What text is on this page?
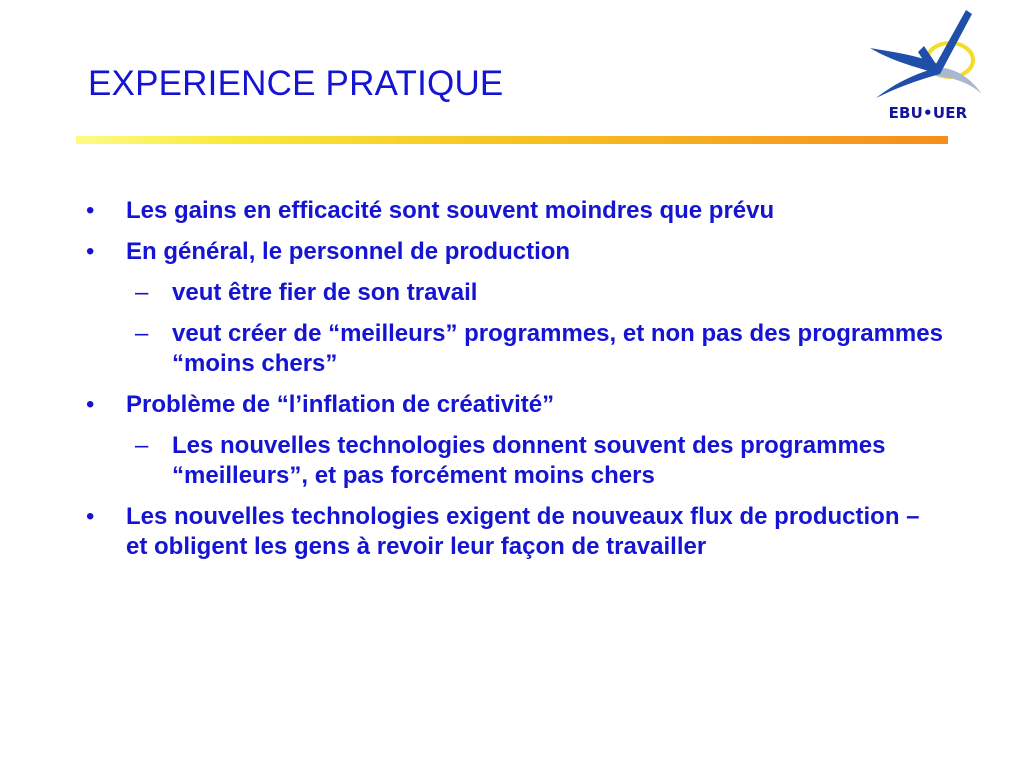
EXPERIENCE PRATIQUE
EBU•UER
• Les gains en efficacité sont souvent moindres que prévu
• En général, le personnel de production
– veut être fier de son travail
– veut créer de “meilleurs” programmes, et non pas des programmes “moins chers”
• Problème de “l’inflation de créativité”
– Les nouvelles technologies donnent souvent des programmes “meilleurs”, et pas forcément moins chers
• Les nouvelles technologies exigent de nouveaux flux de production – et obligent les gens à revoir leur façon de travailler
